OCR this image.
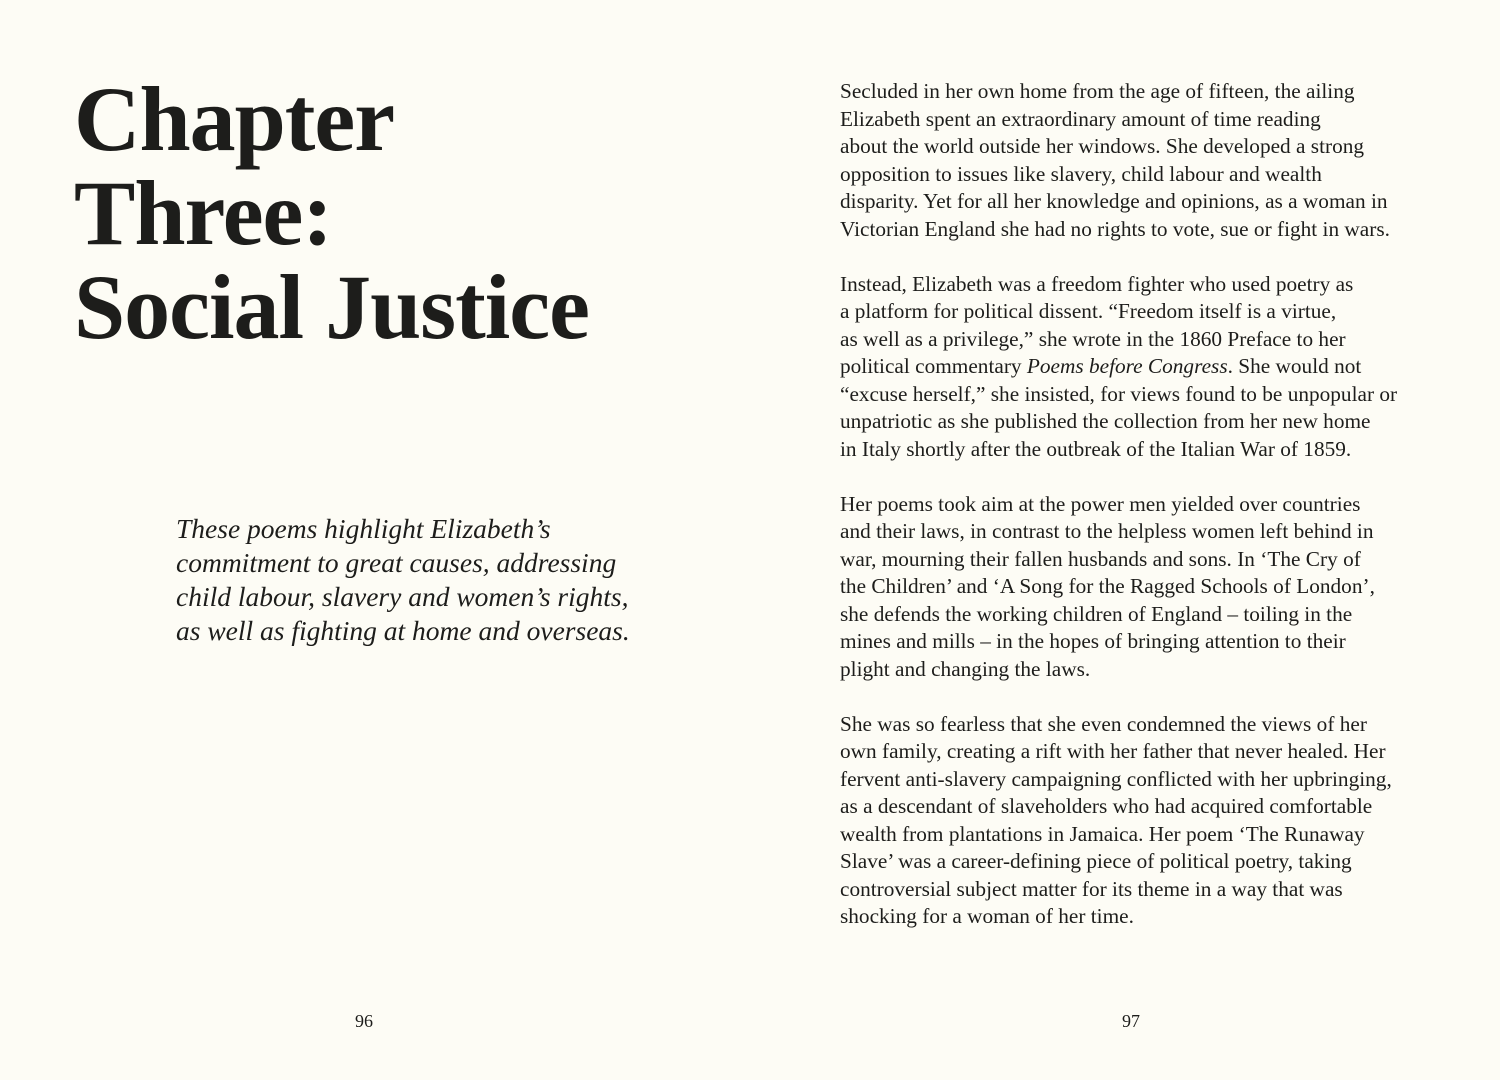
Chapter
Three:
Social Justice

These poems highlight Elizabeth’s commitment to great causes, addressing child labour, slavery and women’s rights, as well as fighting at home and overseas.

96

Secluded in her own home from the age of fifteen, the ailing
Elizabeth spent an extraordinary amount of time reading
about the world outside her windows. She developed a strong
opposition to issues like slavery, child labour and wealth
disparity. Yet for all her knowledge and opinions, as a woman in
Victorian England she had no rights to vote, sue or fight in wars.

Instead, Elizabeth was a freedom fighter who used poetry as
a platform for political dissent. “Freedom itself is a virtue,
as well as a privilege,” she wrote in the 1860 Preface to her
political commentary Poems before Congress. She would not
“excuse herself,” she insisted, for views found to be unpopular or
unpatriotic as she published the collection from her new home
in Italy shortly after the outbreak of the Italian War of 1859.

Her poems took aim at the power men yielded over countries
and their laws, in contrast to the helpless women left behind in
war, mourning their fallen husbands and sons. In ‘The Cry of
the Children’ and ‘A Song for the Ragged Schools of London’,
she defends the working children of England – toiling in the
mines and mills – in the hopes of bringing attention to their
plight and changing the laws.

She was so fearless that she even condemned the views of her
own family, creating a rift with her father that never healed. Her
fervent anti-slavery campaigning conflicted with her upbringing,
as a descendant of slaveholders who had acquired comfortable
wealth from plantations in Jamaica. Her poem ‘The Runaway
Slave’ was a career-defining piece of political poetry, taking
controversial subject matter for its theme in a way that was
shocking for a woman of her time.

97
